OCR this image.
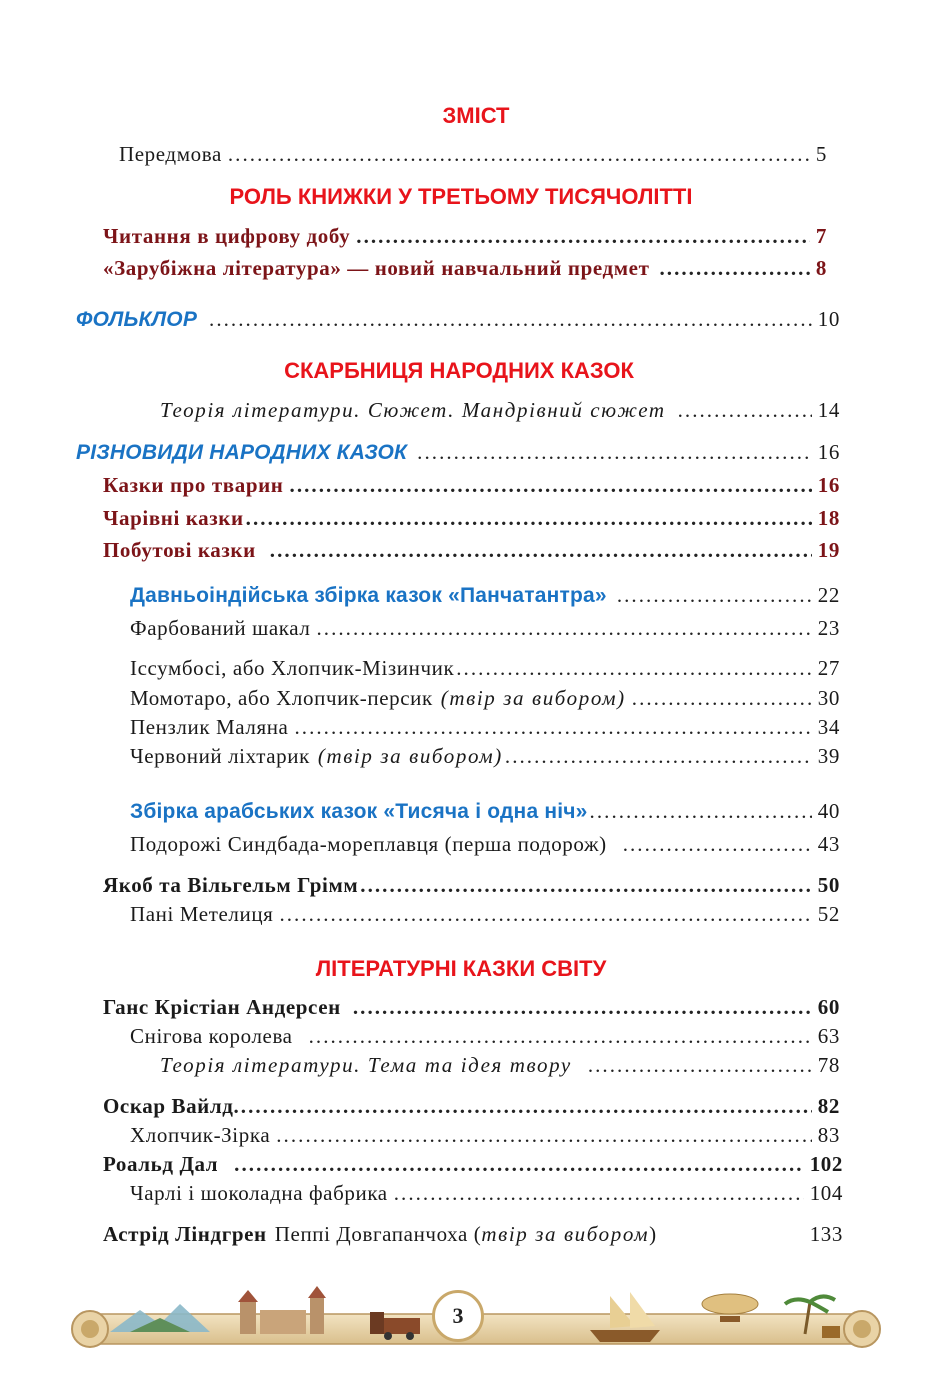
ЗМІСТ
Передмова . . .	5
РОЛЬ КНИЖКИ У ТРЕТЬОМУ ТИСЯЧОЛІТТІ
Читання в цифрову добу . . .	7
«Зарубіжна література» — новий навчальний предмет . . .	8
ФОЛЬКЛОР . . .	10
СКАРБНИЦЯ НАРОДНИХ КАЗОК
Теорія літератури. Сюжет. Мандрівний сюжет . . .	14
РІЗНОВИДИ НАРОДНИХ КАЗОК . . .	16
Казки про тварин . . .	16
Чарівні казки . . .	18
Побутові казки . . .	19
Давньоіндійська збірка казок «Панчатантра» . . .	22
Фарбований шакал . . .	23
Іссумбосі, або Хлопчик-Мізинчик . . .	27
Момотаро, або Хлопчик-персик (твір за вибором) . . .	30
Пензлик Маляна . . .	34
Червоний ліхтарик (твір за вибором) . . .	39
Збірка арабських казок «Тисяча і одна ніч» . . .	40
Подорожі Синдбада-мореплавця (перша подорож) . . .	43
Якоб та Вільгельм Грімм . . .	50
Пані Метелиця . . .	52
ЛІТЕРАТУРНІ КАЗКИ СВІТУ
Ганс Крістіан Андерсен . . .	60
Снігова королева . . .	63
Теорія літератури. Тема та ідея твору . . .	78
Оскар Вайлд . . .	82
Хлопчик-Зірка . . .	83
Роальд Дал . . .	102
Чарлі і шоколадна фабрика . . .	104
Астрід Ліндгрен Пеппі Довгапанчоха ( твір за вибором )	133
3
